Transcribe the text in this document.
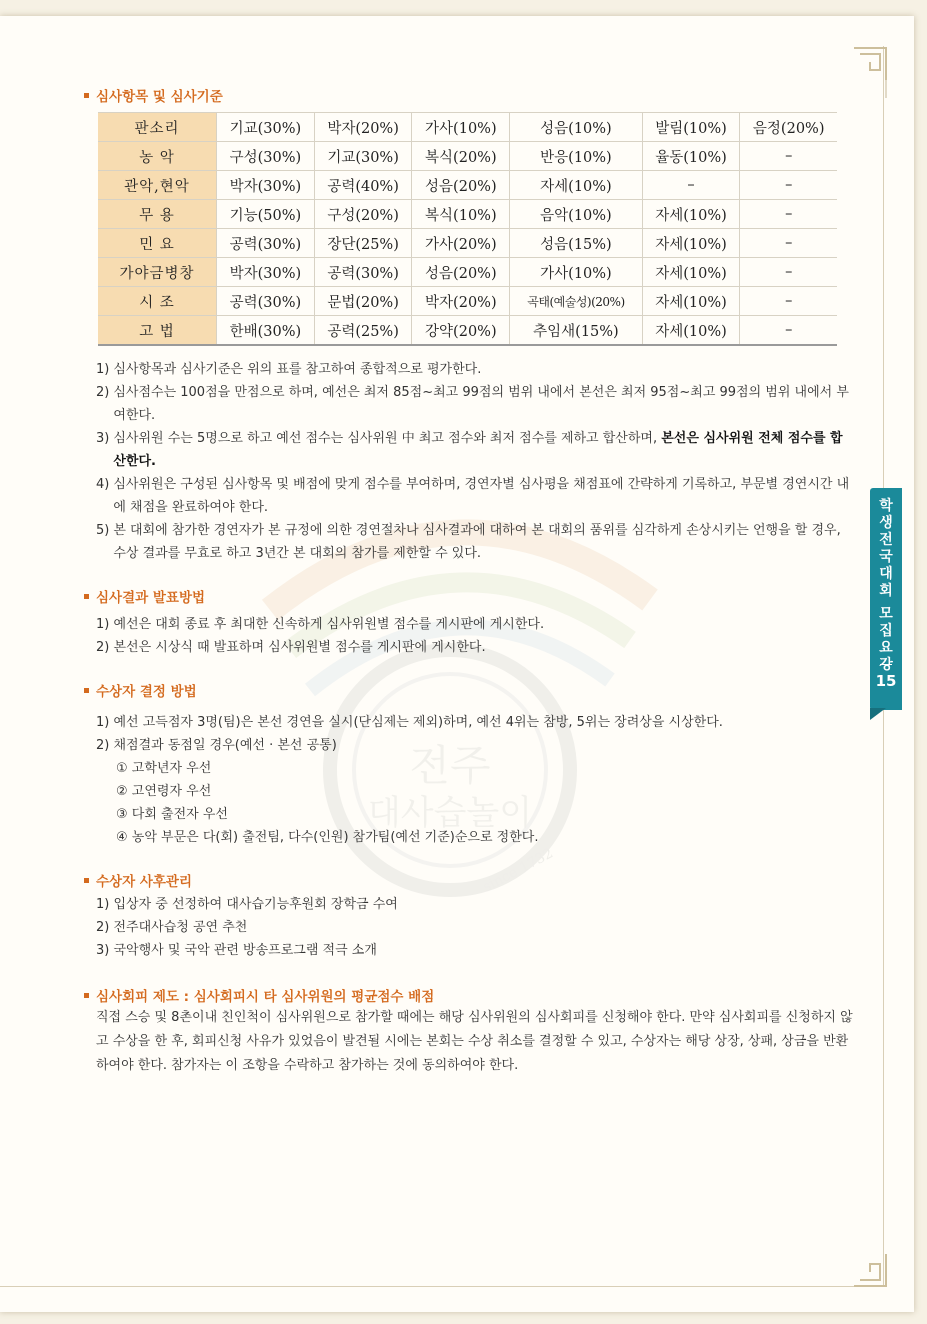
전주
대사습놀이
since 1732
심사항목 및 심사기준
판소리	기교(30%)	박자(20%)	가사(10%)	성음(10%)	발림(10%)	음정(20%)
농 악	구성(30%)	기교(30%)	복식(20%)	반응(10%)	율동(10%)	–
관악,현악	박자(30%)	공력(40%)	성음(20%)	자세(10%)	–	–
무 용	기능(50%)	구성(20%)	복식(10%)	음악(10%)	자세(10%)	–
민 요	공력(30%)	장단(25%)	가사(20%)	성음(15%)	자세(10%)	–
가야금병창	박자(30%)	공력(30%)	성음(20%)	가사(10%)	자세(10%)	–
시 조	공력(30%)	문법(20%)	박자(20%)	곡태(예술성)(20%)	자세(10%)	–
고 법	한배(30%)	공력(25%)	강약(20%)	추임새(15%)	자세(10%)	–
1) 심사항목과 심사기준은 위의 표를 참고하여 종합적으로 평가한다.
2) 심사점수는 100점을 만점으로 하며, 예선은 최저 85점~최고 99점의 범위 내에서 본선은 최저 95점~최고 99점의 범위 내에서 부여한다.
3) 심사위원 수는 5명으로 하고 예선 점수는 심사위원 中 최고 점수와 최저 점수를 제하고 합산하며, 본선은 심사위원 전체 점수를 합산한다.
4) 심사위원은 구성된 심사항목 및 배점에 맞게 점수를 부여하며, 경연자별 심사평을 채점표에 간략하게 기록하고, 부문별 경연시간 내에 채점을 완료하여야 한다.
5) 본 대회에 참가한 경연자가 본 규정에 의한 경연절차나 심사결과에 대하여 본 대회의 품위를 심각하게 손상시키는 언행을 할 경우, 수상 결과를 무효로 하고 3년간 본 대회의 참가를 제한할 수 있다.
심사결과 발표방법
1) 예선은 대회 종료 후 최대한 신속하게 심사위원별 점수를 게시판에 게시한다.
2) 본선은 시상식 때 발표하며 심사위원별 점수를 게시판에 게시한다.
수상자 결정 방법
1) 예선 고득점자 3명(팀)은 본선 경연을 실시(단심제는 제외)하며, 예선 4위는 참방, 5위는 장려상을 시상한다.
2) 채점결과 동점일 경우(예선 · 본선 공통)
① 고학년자 우선
② 고연령자 우선
③ 다회 출전자 우선
④ 농악 부문은 다(회) 출전팀, 다수(인원) 참가팀(예선 기준)순으로 정한다.
수상자 사후관리
1) 입상자 중 선정하여 대사습기능후원회 장학금 수여
2) 전주대사습청 공연 추천
3) 국악행사 및 국악 관련 방송프로그램 적극 소개
심사회피 제도 : 심사회피시 타 심사위원의 평균점수 배점
직접 스승 및 8촌이내 친인척이 심사위원으로 참가할 때에는 해당 심사위원의 심사회피를 신청해야 한다. 만약 심사회피를 신청하지 않고 수상을 한 후, 회피신청 사유가 있었음이 발견될 시에는 본회는 수상 취소를 결정할 수 있고, 수상자는 해당 상장, 상패, 상금을 반환하여야 한다. 참가자는 이 조항을 수락하고 참가하는 것에 동의하여야 한다.
학
생
전
국
대
회
모
집
요
강
15
